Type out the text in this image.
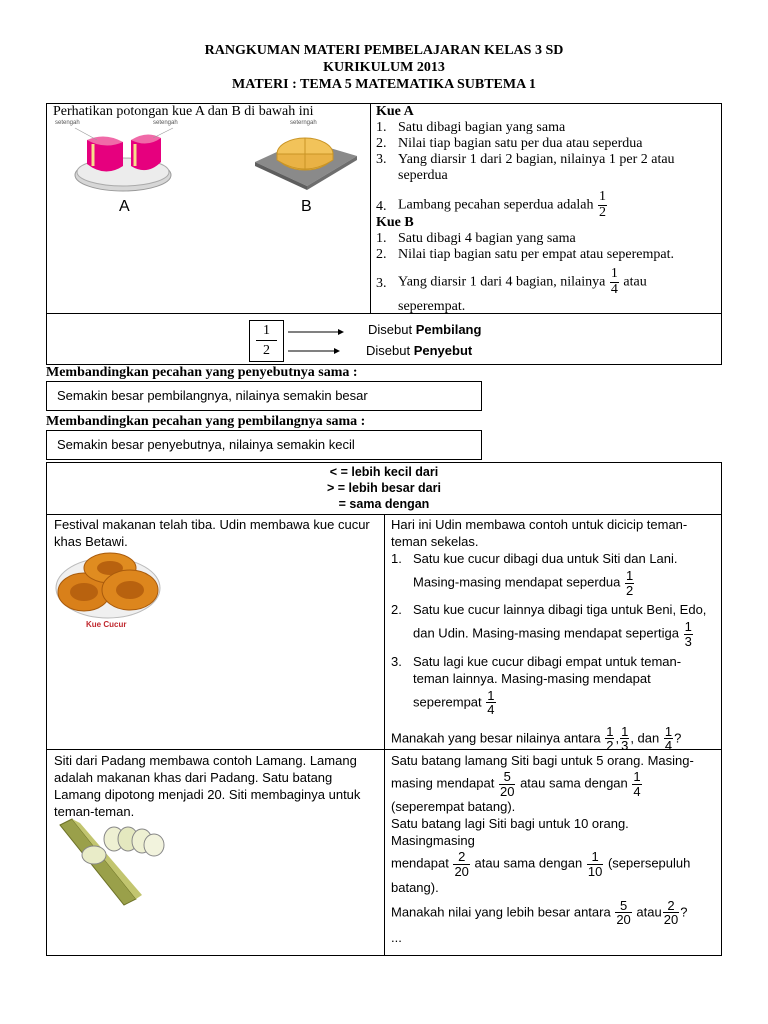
RANGKUMAN MATERI PEMBELAJARAN KELAS 3 SD
KURIKULUM 2013
MATERI : TEMA 5 MATEMATIKA SUBTEMA 1
Perhatikan potongan kue A dan B di bawah ini
setengah	setengah
A
seterngah
B
Kue A
1. Satu dibagi bagian yang sama
2. Nilai tiap bagian satu per dua atau seperdua
3. Yang diarsir 1 dari 2 bagian, nilainya 1 per 2 atau seperdua
4. Lambang pecahan seperdua adalah $\frac{1}{2}$
Kue B
1. Satu dibagi 4 bagian yang sama
2. Nilai tiap bagian satu per empat atau seperempat.
3. Yang diarsir 1 dari 4 bagian, nilainya $\frac{1}{4}$ atau
seperempat.
$\frac{1}{2}$	Disebut Pembilang
Disebut Penyebut
Membandingkan pecahan yang penyebutnya sama :
Semakin besar pembilangnya, nilainya semakin besar
Membandingkan pecahan yang pembilangnya sama :
Semakin besar penyebutnya, nilainya semakin kecil
< = lebih kecil dari
> = lebih besar dari
= sama dengan
Festival makanan telah tiba. Udin membawa kue cucur khas Betawi.
Kue Cucur
Hari ini Udin membawa contoh untuk dicicip teman-teman sekelas.
1. Satu kue cucur dibagi dua untuk Siti dan Lani.
Masing-masing mendapat seperdua $\frac{1}{2}$
2. Satu kue cucur lainnya dibagi tiga untuk Beni, Edo,
dan Udin. Masing-masing mendapat sepertiga $\frac{1}{3}$
3. Satu lagi kue cucur dibagi empat untuk teman-teman lainnya. Masing-masing mendapat
seperempat $\frac{1}{4}$
Manakah yang besar nilainya antara $\frac{1}{2}$ , $\frac{1}{3}$ , dan $\frac{1}{4}$ ?
Siti dari Padang membawa contoh Lamang. Lamang adalah makanan khas dari Padang. Satu batang Lamang dipotong menjadi 20. Siti membaginya untuk teman-teman.
Satu batang lamang Siti bagi untuk 5 orang. Masing-
masing mendapat $\frac{5}{20}$ atau sama dengan $\frac{1}{4}$
(seperempat batang).
Satu batang lagi Siti bagi untuk 10 orang. Masingmasing
mendapat $\frac{2}{20}$ atau sama dengan $\frac{1}{10}$ (sepersepuluh
batang).
Manakah nilai yang lebih besar antara $\frac{5}{20}$ atau $\frac{2}{20}$ ?
...
